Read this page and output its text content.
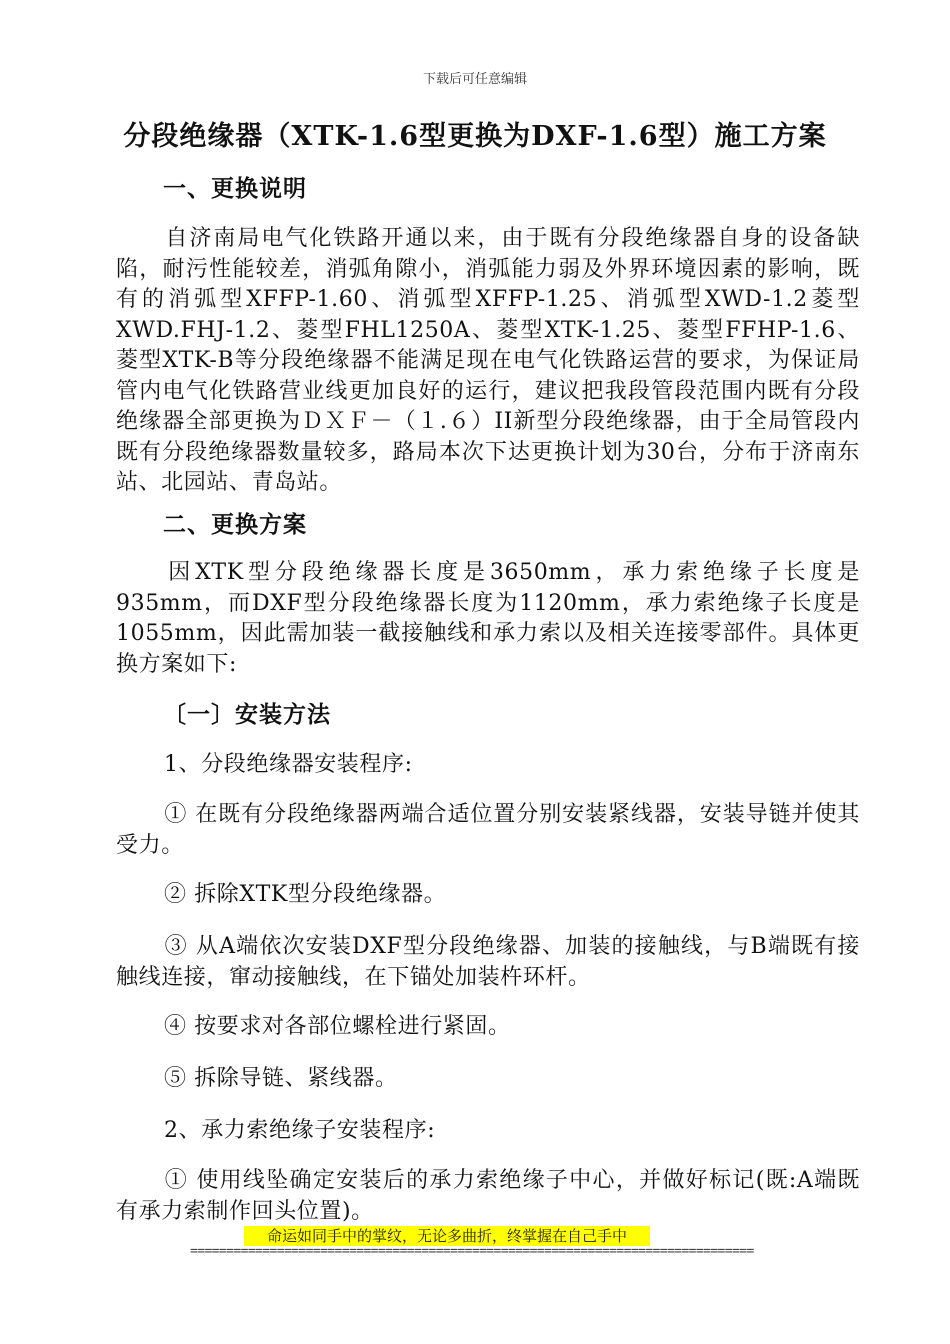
下载后可任意编辑
分段绝缘器（XTK-1.6型更换为DXF-1.6型）施工方案
一、更换说明
自济南局电气化铁路开通以来，由于既有分段绝缘器自身的设备缺陷，耐污性能较差，消弧角隙小，消弧能力弱及外界环境因素的影响，既有的消弧型XFFP-1.60、消弧型XFFP-1.25、消弧型XWD-1.2菱型XWD.FHJ-1.2、菱型FHL1250A、菱型XTK-1.25、菱型FFHP-1.6、菱型XTK-B等分段绝缘器不能满足现在电气化铁路运营的要求，为保证局管内电气化铁路营业线更加良好的运行，建议把我段管段范围内既有分段绝缘器全部更换为ＤＸＦ－（１.６）II新型分段绝缘器，由于全局管段内既有分段绝缘器数量较多，路局本次下达更换计划为30台，分布于济南东站、北园站、青岛站。
二、更换方案
因XTK型分段绝缘器长度是3650mm，承力索绝缘子长度是935mm，而DXF型分段绝缘器长度为1120mm，承力索绝缘子长度是1055mm，因此需加装一截接触线和承力索以及相关连接零部件。具体更换方案如下:
〔一〕安装方法
1、分段绝缘器安装程序:
① 在既有分段绝缘器两端合适位置分别安装紧线器，安装导链并使其受力。
② 拆除XTK型分段绝缘器。
③ 从A端依次安装DXF型分段绝缘器、加装的接触线，与B端既有接触线连接，窜动接触线，在下锚处加装杵环杆。
④ 按要求对各部位螺栓进行紧固。
⑤ 拆除导链、紧线器。
2、承力索绝缘子安装程序:
① 使用线坠确定安装后的承力索绝缘子中心，并做好标记(既:A端既有承力索制作回头位置)。
命运如同手中的掌纹，无论多曲折，终掌握在自己手中
==============================================================================
